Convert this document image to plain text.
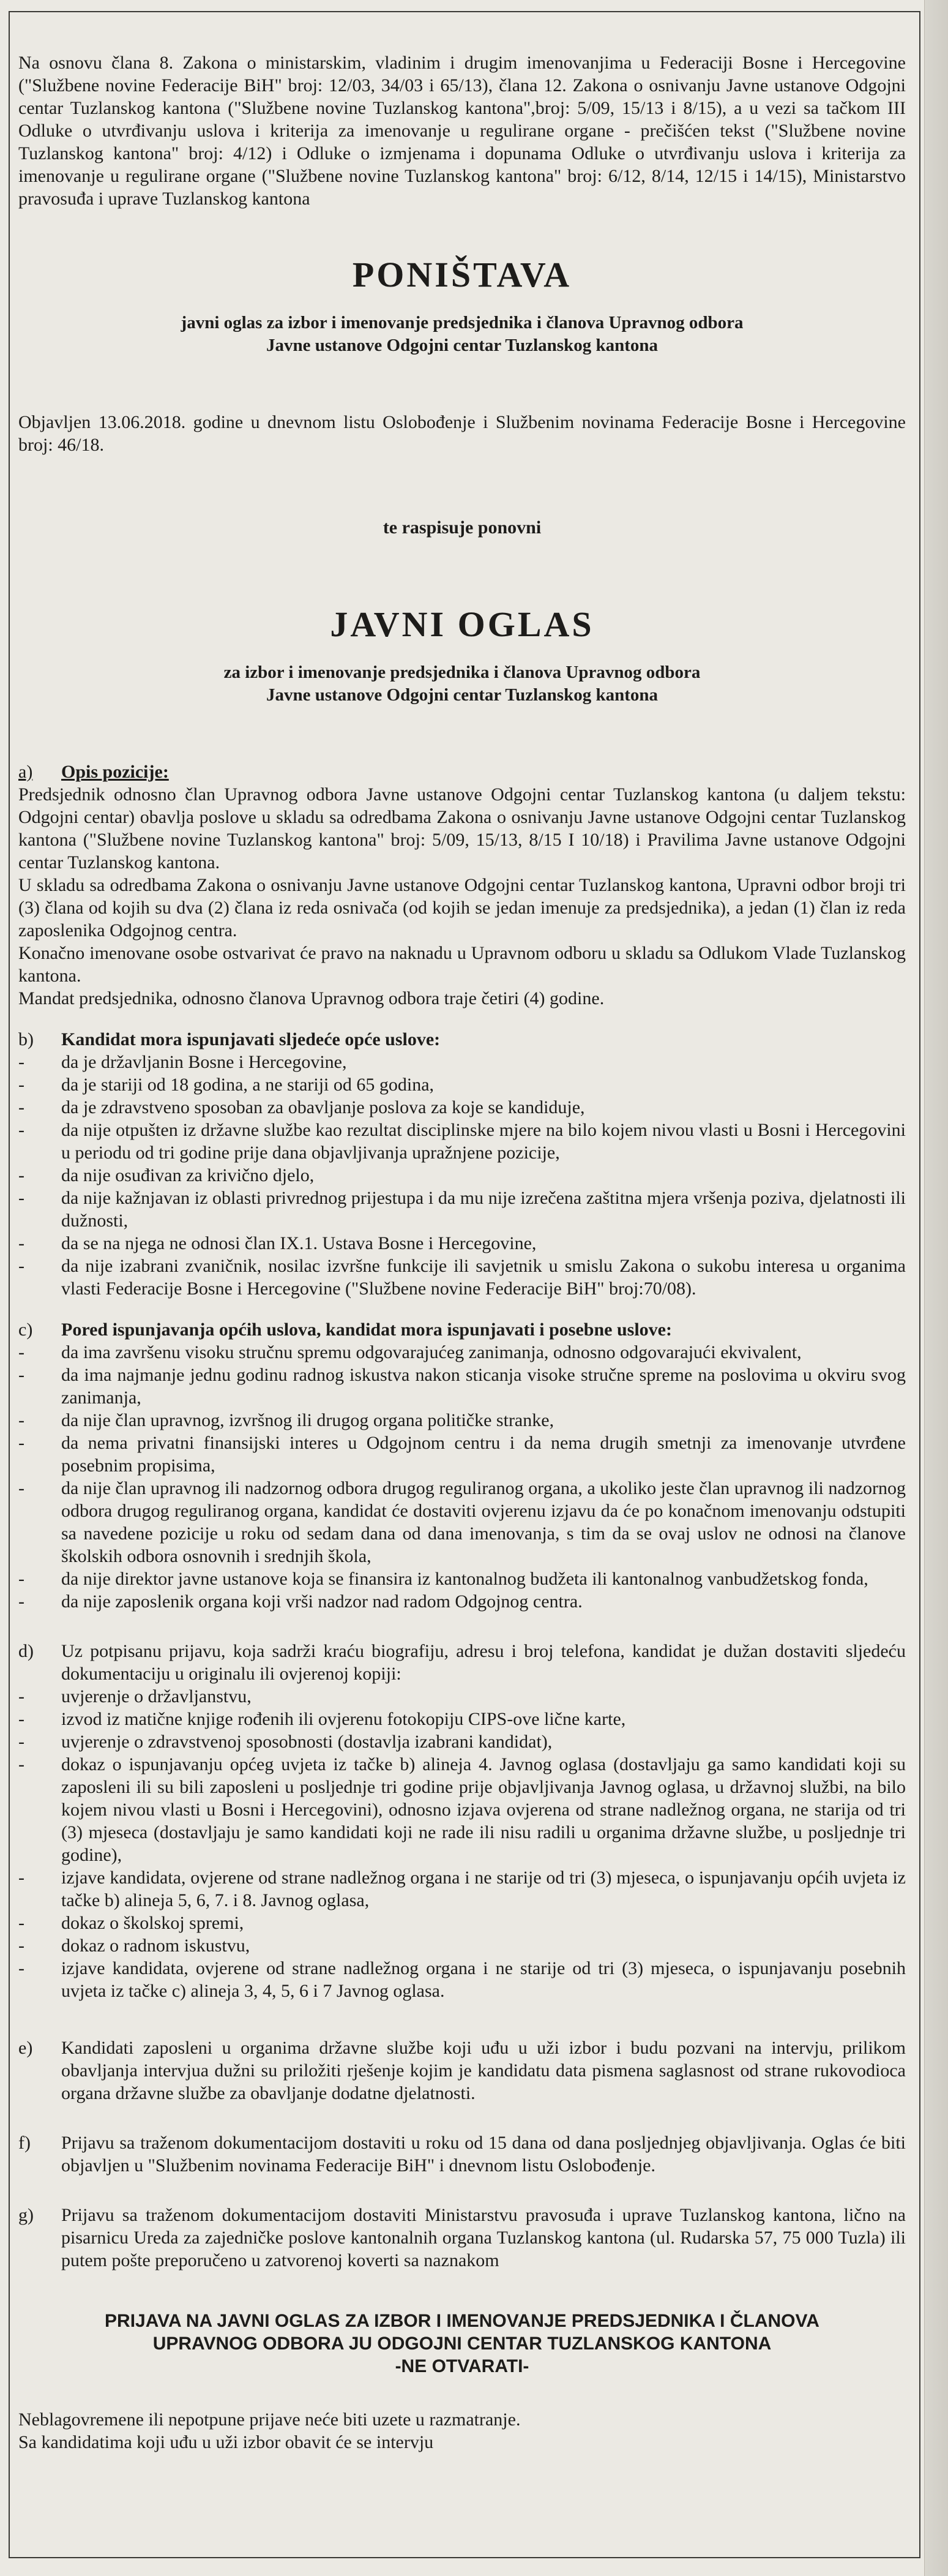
Na osnovu člana 8. Zakona o ministarskim, vladinim i drugim imenovanjima u Federaciji Bosne i Hercegovine ("Službene novine Federacije BiH" broj: 12/03, 34/03 i 65/13), člana 12. Zakona o osnivanju Javne ustanove Odgojni centar Tuzlanskog kantona ("Službene novine Tuzlanskog kantona",broj: 5/09, 15/13 i 8/15), a u vezi sa tačkom III Odluke o utvrđivanju uslova i kriterija za imenovanje u regulirane organe - prečišćen tekst ("Službene novine Tuzlanskog kantona" broj: 4/12) i Odluke o izmjenama i dopunama Odluke o utvrđivanju uslova i kriterija za imenovanje u regulirane organe ("Službene novine Tuzlanskog kantona" broj: 6/12, 8/14, 12/15 i 14/15), Ministarstvo pravosuđa i uprave Tuzlanskog kantona

PONIŠTAVA

javni oglas za izbor i imenovanje predsjednika i članova Upravnog odbora

Javne ustanove Odgojni centar Tuzlanskog kantona

Objavljen 13.06.2018. godine u dnevnom listu Oslobođenje i Službenim novinama Federacije Bosne i Hercegovine broj: 46/18.

te raspisuje ponovni

JAVNI OGLAS

za izbor i imenovanje predsjednika i članova Upravnog odbora

Javne ustanove Odgojni centar Tuzlanskog kantona

a)	Opis pozicije:

Predsjednik odnosno član Upravnog odbora Javne ustanove Odgojni centar Tuzlanskog kantona (u daljem tekstu: Odgojni centar) obavlja poslove u skladu sa odredbama Zakona o osnivanju Javne ustanove Odgojni centar Tuzlanskog kantona ("Službene novine Tuzlanskog kantona" broj: 5/09, 15/13, 8/15 I 10/18) i Pravilima Javne ustanove Odgojni centar Tuzlanskog kantona.

U skladu sa odredbama Zakona o osnivanju Javne ustanove Odgojni centar Tuzlanskog kantona, Upravni odbor broji tri (3) člana od kojih su dva (2) člana iz reda osnivača (od kojih se jedan imenuje za predsjednika), a jedan (1) član iz reda zaposlenika Odgojnog centra.

Konačno imenovane osobe ostvarivat će pravo na naknadu u Upravnom odboru u skladu sa Odlukom Vlade Tuzlanskog kantona.

Mandat predsjednika, odnosno članova Upravnog odbora traje četiri (4) godine.

b)	Kandidat mora ispunjavati sljedeće opće uslove:
-	da je državljanin Bosne i Hercegovine,
-	da je stariji od 18 godina, a ne stariji od 65 godina,
-	da je zdravstveno sposoban za obavljanje poslova za koje se kandiduje,
-	da nije otpušten iz državne službe kao rezultat disciplinske mjere na bilo kojem nivou vlasti u Bosni i Hercegovini u periodu od tri godine prije dana objavljivanja upražnjene pozicije,
-	da nije osuđivan za krivično djelo,
-	da nije kažnjavan iz oblasti privrednog prijestupa i da mu nije izrečena zaštitna mjera vršenja poziva, djelatnosti ili dužnosti,
-	da se na njega ne odnosi član IX.1. Ustava Bosne i Hercegovine,
-	da nije izabrani zvaničnik, nosilac izvršne funkcije ili savjetnik u smislu Zakona o sukobu interesa u organima vlasti Federacije Bosne i Hercegovine ("Službene novine Federacije BiH" broj:70/08).
c)	Pored ispunjavanja općih uslova, kandidat mora ispunjavati i posebne uslove:
-	da ima završenu visoku stručnu spremu odgovarajućeg zanimanja, odnosno odgovarajući ekvivalent,
-	da ima najmanje jednu godinu radnog iskustva nakon sticanja visoke stručne spreme na poslovima u okviru svog zanimanja,
-	da nije član upravnog, izvršnog ili drugog organa političke stranke,
-	da nema privatni finansijski interes u Odgojnom centru i da nema drugih smetnji za imenovanje utvrđene posebnim propisima,
-	da nije član upravnog ili nadzornog odbora drugog reguliranog organa, a ukoliko jeste član upravnog ili nadzornog odbora drugog reguliranog organa, kandidat će dostaviti ovjerenu izjavu da će po konačnom imenovanju odstupiti sa navedene pozicije u roku od sedam dana od dana imenovanja, s tim da se ovaj uslov ne odnosi na članove školskih odbora osnovnih i srednjih škola,
-	da nije direktor javne ustanove koja se finansira iz kantonalnog budžeta ili kantonalnog vanbudžetskog fonda,
-	da nije zaposlenik organa koji vrši nadzor nad radom Odgojnog centra.
d)	Uz potpisanu prijavu, koja sadrži kraću biografiju, adresu i broj telefona, kandidat je dužan dostaviti sljedeću dokumentaciju u originalu ili ovjerenoj kopiji:
-	uvjerenje o državljanstvu,
-	izvod iz matične knjige rođenih ili ovjerenu fotokopiju CIPS-ove lične karte,
-	uvjerenje o zdravstvenoj sposobnosti (dostavlja izabrani kandidat),
-	dokaz o ispunjavanju općeg uvjeta iz tačke b) alineja 4. Javnog oglasa (dostavljaju ga samo kandidati koji su zaposleni ili su bili zaposleni u posljednje tri godine prije objavljivanja Javnog oglasa, u državnoj službi, na bilo kojem nivou vlasti u Bosni i Hercegovini), odnosno izjava ovjerena od strane nadležnog organa, ne starija od tri (3) mjeseca (dostavljaju je samo kandidati koji ne rade ili nisu radili u organima državne službe, u posljednje tri godine),
-	izjave kandidata, ovjerene od strane nadležnog organa i ne starije od tri (3) mjeseca, o ispunjavanju općih uvjeta iz tačke b) alineja 5, 6, 7. i 8. Javnog oglasa,
-	dokaz o školskoj spremi,
-	dokaz o radnom iskustvu,
-	izjave kandidata, ovjerene od strane nadležnog organa i ne starije od tri (3) mjeseca, o ispunjavanju posebnih uvjeta iz tačke c) alineja 3, 4, 5, 6 i 7 Javnog oglasa.
e)	Kandidati zaposleni u organima državne službe koji uđu u uži izbor i budu pozvani na intervju, prilikom obavljanja intervjua dužni su priložiti rješenje kojim je kandidatu data pismena saglasnost od strane rukovodioca organa državne službe za obavljanje dodatne djelatnosti.
f)	Prijavu sa traženom dokumentacijom dostaviti u roku od 15 dana od dana posljednjeg objavljivanja. Oglas će biti objavljen u "Službenim novinama Federacije BiH" i dnevnom listu Oslobođenje.
g)	Prijavu sa traženom dokumentacijom dostaviti Ministarstvu pravosuđa i uprave Tuzlanskog kantona, lično na pisarnicu Ureda za zajedničke poslove kantonalnih organa Tuzlanskog kantona (ul. Rudarska 57, 75 000 Tuzla) ili putem pošte preporučeno u zatvorenoj koverti sa naznakom

PRIJAVA NA JAVNI OGLAS ZA IZBOR I IMENOVANJE PREDSJEDNIKA I ČLANOVA

UPRAVNOG ODBORA JU ODGOJNI CENTAR TUZLANSKOG KANTONA

-NE OTVARATI-

Neblagovremene ili nepotpune prijave neće biti uzete u razmatranje.

Sa kandidatima koji uđu u uži izbor obavit će se intervju
